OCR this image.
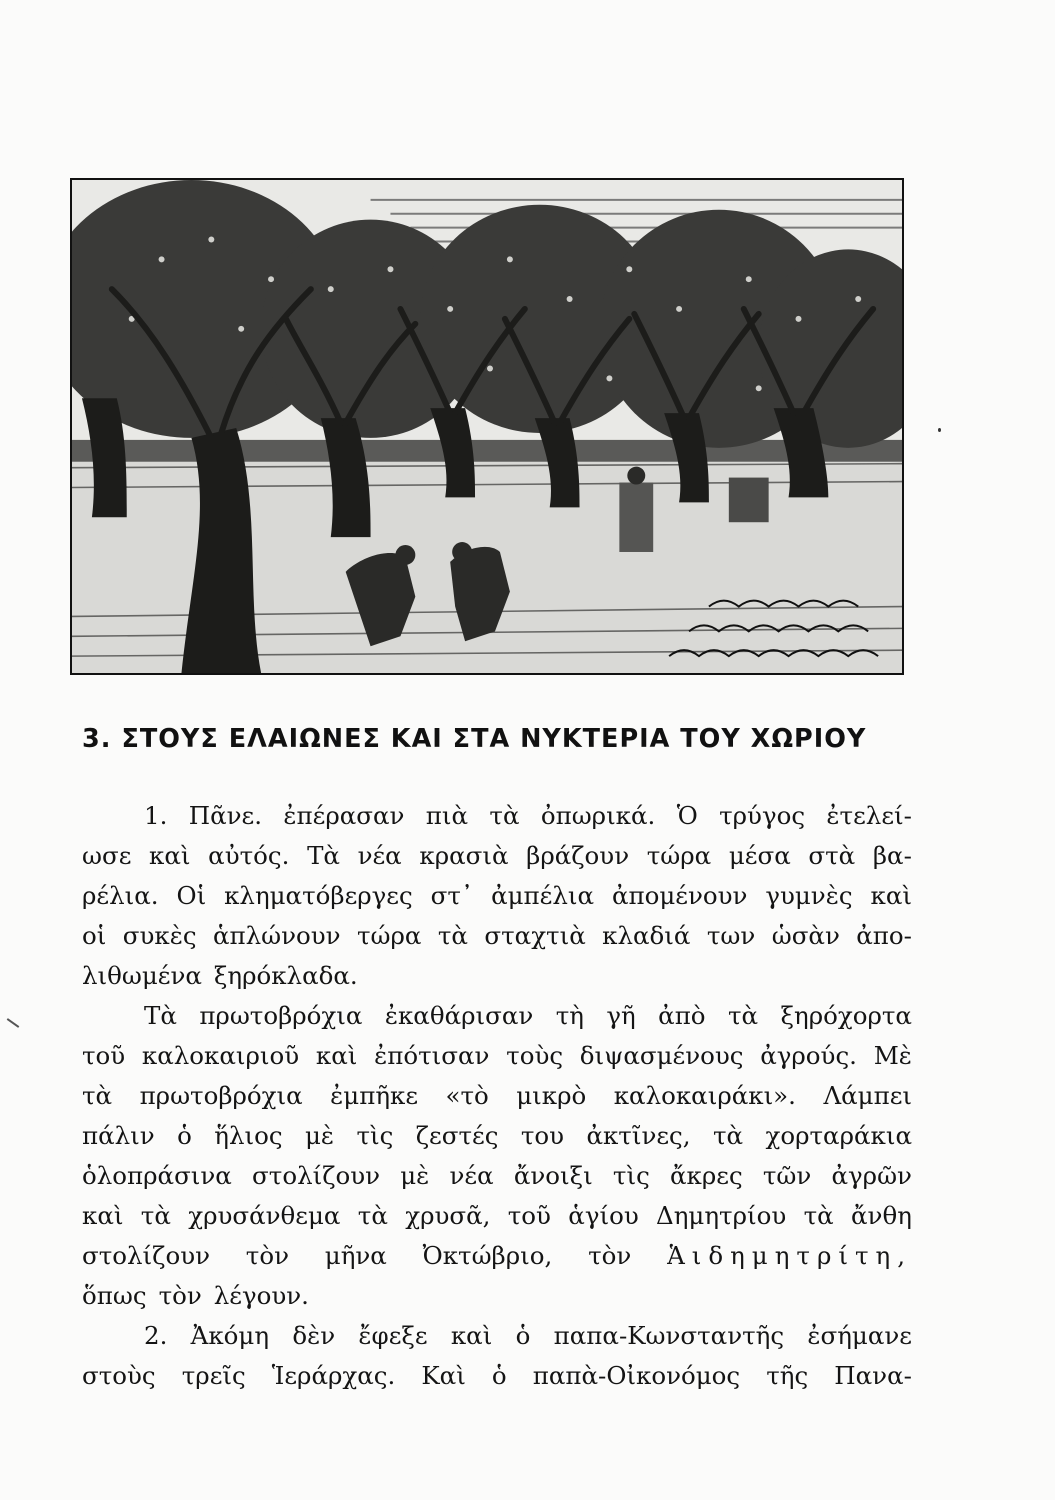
3. ΣΤΟΥΣ ΕΛΑΙΩΝΕΣ ΚΑΙ ΣΤΑ ΝΥΚΤΕΡΙΑ ΤΟΥ ΧΩΡΙΟΥ
1. Πᾶνε. ἐπέρασαν πιὰ τὰ ὀπωρικά. Ὁ τρύγος ἐτελεί-
ωσε καὶ αὐτός. Τὰ νέα κρασιὰ βράζουν τώρα μέσα στὰ βα-
ρέλια. Οἱ κληματόβεργες στ᾽ ἀμπέλια ἀπομένουν γυμνὲς καὶ
οἱ συκὲς ἁπλώνουν τώρα τὰ σταχτιὰ κλαδιά των ὡσὰν ἀπο-
λιθωμένα ξηρόκλαδα.
Τὰ πρωτοβρόχια ἐκαθάρισαν τὴ γῆ ἀπὸ τὰ ξηρόχορτα
τοῦ καλοκαιριοῦ καὶ ἐπότισαν τοὺς διψασμένους ἀγρούς. Μὲ
τὰ πρωτοβρόχια ἐμπῆκε «τὸ μικρὸ καλοκαιράκι». Λάμπει
πάλιν ὁ ἥλιος μὲ τὶς ζεστές του ἀκτῖνες, τὰ χορταράκια
ὁλοπράσινα στολίζουν μὲ νέα ἄνοιξι τὶς ἄκρες τῶν ἀγρῶν
καὶ τὰ χρυσάνθεμα τὰ χρυσᾶ, τοῦ ἁγίου Δημητρίου τὰ ἄνθη
στολίζουν τὸν μῆνα Ὀκτώβριο, τὸν Ἁιδημητρίτη,
ὅπως τὸν λέγουν.
2. Ἀκόμη δὲν ἔφεξε καὶ ὁ παπα-Κωνσταντῆς ἐσήμανε
στοὺς τρεῖς Ἱεράρχας. Καὶ ὁ παπὰ-Οἰκονόμος τῆς Πανα-
